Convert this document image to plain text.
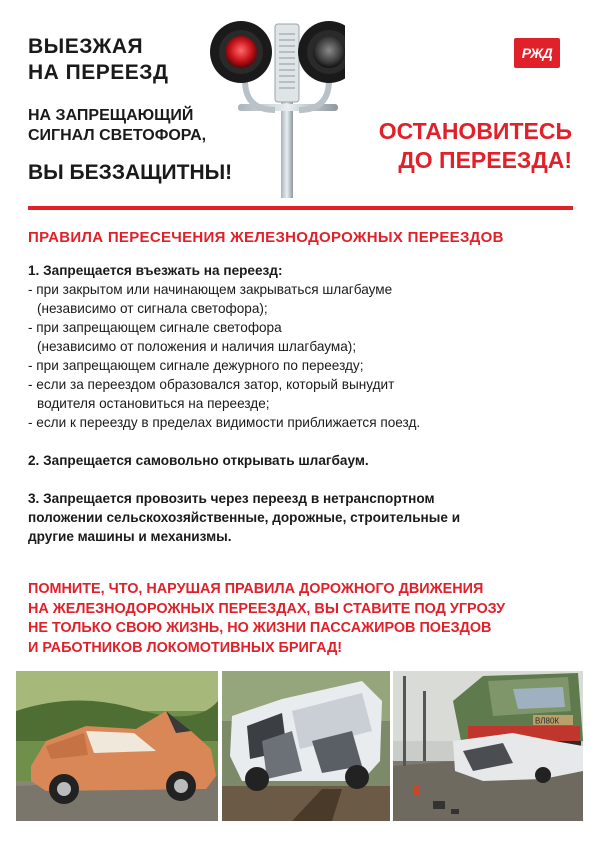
ВЫЕЗЖАЯ
НА ПЕРЕЕЗД
НА ЗАПРЕЩАЮЩИЙ СИГНАЛ СВЕТОФОРА,
ВЫ БЕЗЗАЩИТНЫ!
РЖД
ОСТАНОВИТЕСЬ
ДО ПЕРЕЕЗДА!
ПРАВИЛА ПЕРЕСЕЧЕНИЯ ЖЕЛЕЗНОДОРОЖНЫХ ПЕРЕЕЗДОВ
1. Запрещается въезжать на переезд:
- при закрытом или начинающем закрываться шлагбауме
(независимо от сигнала светофора);
- при запрещающем сигнале светофора
(независимо от положения и наличия шлагбаума);
- при запрещающем сигнале дежурного по переезду;
- если за переездом образовался затор, который вынудит
водителя остановиться на переезде;
- если к переезду в пределах видимости приближается поезд.
2. Запрещается самовольно открывать шлагбаум.
3. Запрещается провозить через переезд в нетранспортном
положении сельскохозяйственные, дорожные, строительные и
другие машины и механизмы.
ПОМНИТЕ, ЧТО, НАРУШАЯ ПРАВИЛА ДОРОЖНОГО ДВИЖЕНИЯ
НА ЖЕЛЕЗНОДОРОЖНЫХ ПЕРЕЕЗДАХ, ВЫ СТАВИТЕ ПОД УГРОЗУ
НЕ ТОЛЬКО СВОЮ ЖИЗНЬ, НО ЖИЗНИ ПАССАЖИРОВ ПОЕЗДОВ
И РАБОТНИКОВ ЛОКОМОТИВНЫХ БРИГАД!
ВЛ80К
